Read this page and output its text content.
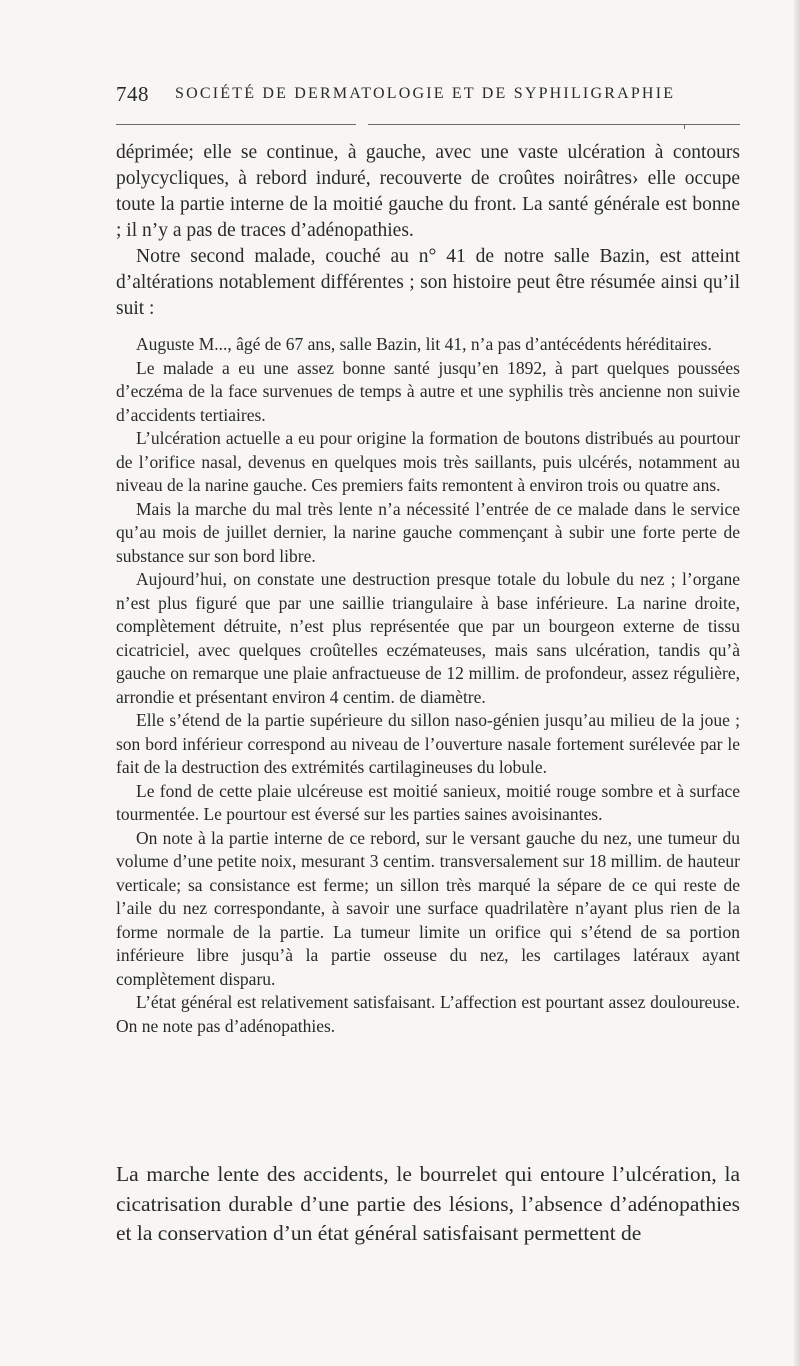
748 SOCIÉTÉ DE DERMATOLOGIE ET DE SYPHILIGRAPHIE

déprimée; elle se continue, à gauche, avec une vaste ulcération à contours polycycliques, à rebord induré, recouverte de croûtes noirâtres› elle occupe toute la partie interne de la moitié gauche du front. La santé générale est bonne ; il n’y a pas de traces d’adénopathies.

Notre second malade, couché au n° 41 de notre salle Bazin, est atteint d’altérations notablement différentes ; son histoire peut être résumée ainsi qu’il suit :

Auguste M..., âgé de 67 ans, salle Bazin, lit 41, n’a pas d’antécédents héréditaires.

Le malade a eu une assez bonne santé jusqu’en 1892, à part quelques poussées d’eczéma de la face survenues de temps à autre et une syphilis très ancienne non suivie d’accidents tertiaires.

L’ulcération actuelle a eu pour origine la formation de boutons distribués au pourtour de l’orifice nasal, devenus en quelques mois très saillants, puis ulcérés, notamment au niveau de la narine gauche. Ces premiers faits remontent à environ trois ou quatre ans.

Mais la marche du mal très lente n’a nécessité l’entrée de ce malade dans le service qu’au mois de juillet dernier, la narine gauche commençant à subir une forte perte de substance sur son bord libre.

Aujourd’hui, on constate une destruction presque totale du lobule du nez ; l’organe n’est plus figuré que par une saillie triangulaire à base inférieure. La narine droite, complètement détruite, n’est plus représentée que par un bourgeon externe de tissu cicatriciel, avec quelques croûtelles eczémateuses, mais sans ulcération, tandis qu’à gauche on remarque une plaie anfractueuse de 12 millim. de profondeur, assez régulière, arrondie et présentant environ 4 centim. de diamètre.

Elle s’étend de la partie supérieure du sillon naso-génien jusqu’au milieu de la joue ; son bord inférieur correspond au niveau de l’ouverture nasale fortement surélevée par le fait de la destruction des extrémités cartilagineuses du lobule.

Le fond de cette plaie ulcéreuse est moitié sanieux, moitié rouge sombre et à surface tourmentée. Le pourtour est éversé sur les parties saines avoisinantes.

On note à la partie interne de ce rebord, sur le versant gauche du nez, une tumeur du volume d’une petite noix, mesurant 3 centim. transversalement sur 18 millim. de hauteur verticale; sa consistance est ferme; un sillon très marqué la sépare de ce qui reste de l’aile du nez correspondante, à savoir une surface quadrilatère n’ayant plus rien de la forme normale de la partie. La tumeur limite un orifice qui s’étend de sa portion inférieure libre jusqu’à la partie osseuse du nez, les cartilages latéraux ayant complètement disparu.

L’état général est relativement satisfaisant. L’affection est pourtant assez douloureuse. On ne note pas d’adénopathies.

La marche lente des accidents, le bourrelet qui entoure l’ulcération, la cicatrisation durable d’une partie des lésions, l’absence d’adénopathies et la conservation d’un état général satisfaisant permettent de
